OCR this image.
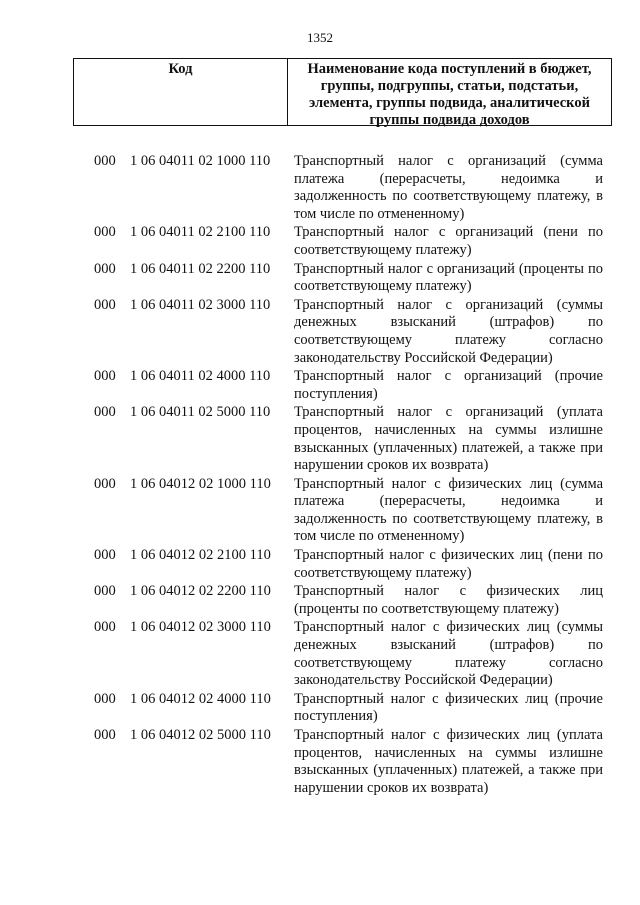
1352
Код	Наименование кода поступлений в бюджет, группы, подгруппы, статьи, подстатьи, элемента, группы подвида, аналитической группы подвида доходов
000 1 06 04011 02 1000 110	Транспортный налог с организаций (сумма платежа (перерасчеты, недоимка и задолженность по соответствующему платежу, в том числе по отмененному)
000 1 06 04011 02 2100 110	Транспортный налог с организаций (пени по соответствующему платежу)
000 1 06 04011 02 2200 110	Транспортный налог с организаций (проценты по соответствующему платежу)
000 1 06 04011 02 3000 110	Транспортный налог с организаций (суммы денежных взысканий (штрафов) по соответствующему платежу согласно законодательству Российской Федерации)
000 1 06 04011 02 4000 110	Транспортный налог с организаций (прочие поступления)
000 1 06 04011 02 5000 110	Транспортный налог с организаций (уплата процентов, начисленных на суммы излишне взысканных (уплаченных) платежей, а также при нарушении сроков их возврата)
000 1 06 04012 02 1000 110	Транспортный налог с физических лиц (сумма платежа (перерасчеты, недоимка и задолженность по соответствующему платежу, в том числе по отмененному)
000 1 06 04012 02 2100 110	Транспортный налог с физических лиц (пени по соответствующему платежу)
000 1 06 04012 02 2200 110	Транспортный налог с физических лиц (проценты по соответствующему платежу)
000 1 06 04012 02 3000 110	Транспортный налог с физических лиц (суммы денежных взысканий (штрафов) по соответствующему платежу согласно законодательству Российской Федерации)
000 1 06 04012 02 4000 110	Транспортный налог с физических лиц (прочие поступления)
000 1 06 04012 02 5000 110	Транспортный налог с физических лиц (уплата процентов, начисленных на суммы излишне взысканных (уплаченных) платежей, а также при нарушении сроков их возврата)
